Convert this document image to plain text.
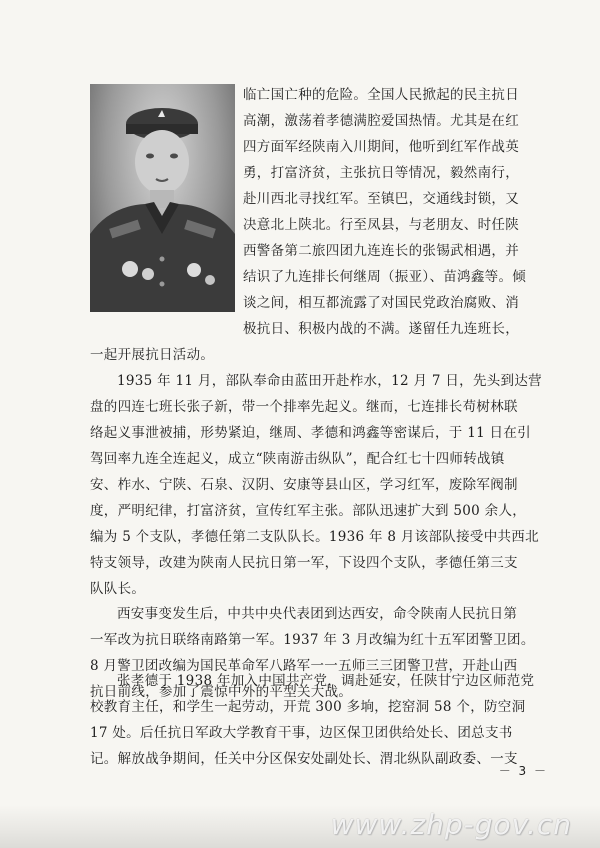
临亡国亡种的危险。全国人民掀起的民主抗日
高潮，激荡着孝德满腔爱国热情。尤其是在红
四方面军经陕南入川期间，他听到红军作战英
勇，打富济贫，主张抗日等情况，毅然南行，
赴川西北寻找红军。至镇巴，交通线封锁，又
决意北上陕北。行至凤县，与老朋友、时任陕
西警备第二旅四团九连连长的张锡武相遇，并
结识了九连排长何继周（振亚）、苗鸿鑫等。倾
谈之间，相互都流露了对国民党政治腐败、消
极抗日、积极内战的不满。遂留任九连班长，
一起开展抗日活动。
1935 年 11 月，部队奉命由蓝田开赴柞水，12 月 7 日，先头到达营
盘的四连七班长张子新，带一个排率先起义。继而，七连排长苟树林联
络起义事泄被捕，形势紧迫，继周、孝德和鸿鑫等密谋后，于 11 日在引
驾回率九连全连起义，成立“陕南游击纵队”，配合红七十四师转战镇
安、柞水、宁陕、石泉、汉阴、安康等县山区，学习红军，废除军阀制
度，严明纪律，打富济贫，宣传红军主张。部队迅速扩大到 500 余人，
编为 5 个支队，孝德任第二支队队长。1936 年 8 月该部队接受中共西北
特支领导，改建为陕南人民抗日第一军，下设四个支队，孝德任第三支
队队长。
西安事变发生后，中共中央代表团到达西安，命令陕南人民抗日第
一军改为抗日联络南路第一军。1937 年 3 月改编为红十五军团警卫团。
8 月警卫团改编为国民革命军八路军一一五师三三团警卫营，开赴山西
抗日前线，参加了震惊中外的平型关大战。
张孝德于 1938 年加入中国共产党，调赴延安，任陕甘宁边区师范党
校教育主任，和学生一起劳动，开荒 300 多垧，挖窑洞 58 个，防空洞
17 处。后任抗日军政大学教育干事，边区保卫团供给处长、团总支书
记。解放战争期间，任关中分区保安处副处长、渭北纵队副政委、一支
－ 3 －
www.zhp-gov.cn
